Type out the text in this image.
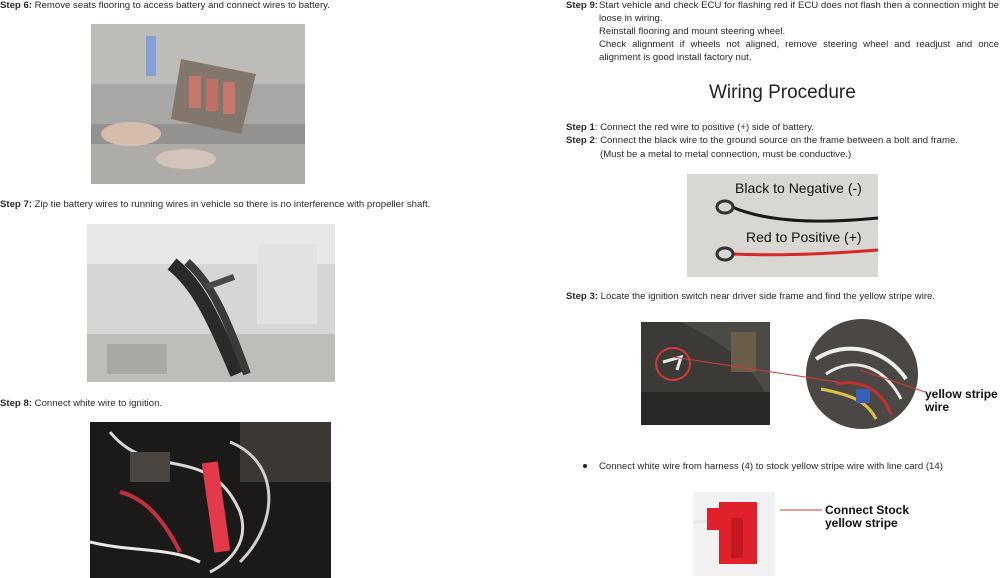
Step 6: Remove seats flooring to access battery and connect wires to battery.
Step 7: Zip tie battery wires to running wires in vehicle so there is no interference with propeller shaft.
Step 8: Connect white wire to ignition.
Step 9: Start vehicle and check ECU for flashing red if ECU does not flash then a connection might be loose in wiring.
Reinstall flooring and mount steering wheel.
Check alignment if wheels not aligned, remove steering wheel and readjust and once alignment is good install factory nut.
Wiring Procedure
Step 1: Connect the red wire to positive (+) side of battery.
Step 2: Connect the black wire to the ground source on the frame between a bolt and frame.
(Must be a metal to metal connection, must be conductive.)
Black to Negative (-)
Red to Positive (+)
Step 3: Locate the ignition switch near driver side frame and find the yellow stripe wire.
yellow stripe wire
Connect white wire from harness (4) to stock yellow stripe wire with line card (14)
Connect Stock yellow stripe
